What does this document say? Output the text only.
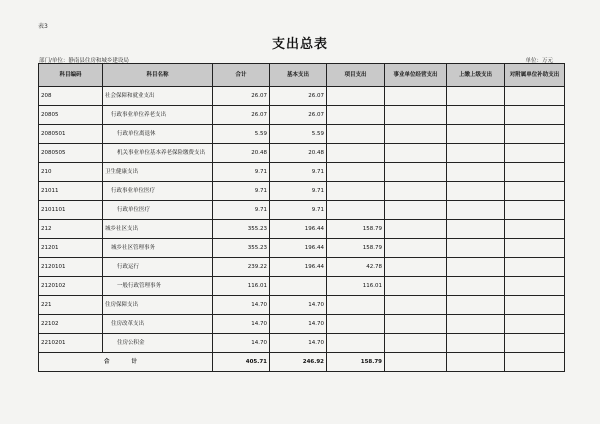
表3
支出总表
部门/单位：静南县住房和城乡建设局	单位：万元
科目编码	科目名称	合计	基本支出	项目支出	事业单位经营支出	上缴上级支出	对附属单位补助支出
208	社会保障和就业支出	26.07	26.07				
20805	行政事业单位养老支出	26.07	26.07				
2080501	行政单位离退休	5.59	5.59				
2080505	机关事业单位基本养老保险缴费支出	20.48	20.48				
210	卫生健康支出	9.71	9.71				
21011	行政事业单位医疗	9.71	9.71				
2101101	行政单位医疗	9.71	9.71				
212	城乡社区支出	355.23	196.44	158.79			
21201	城乡社区管理事务	355.23	196.44	158.79			
2120101	行政运行	239.22	196.44	42.78			
2120102	一般行政管理事务	116.01		116.01			
221	住房保障支出	14.70	14.70				
22102	住房改革支出	14.70	14.70				
2210201	住房公积金	14.70	14.70				
合 计		405.71	246.92	158.79			
